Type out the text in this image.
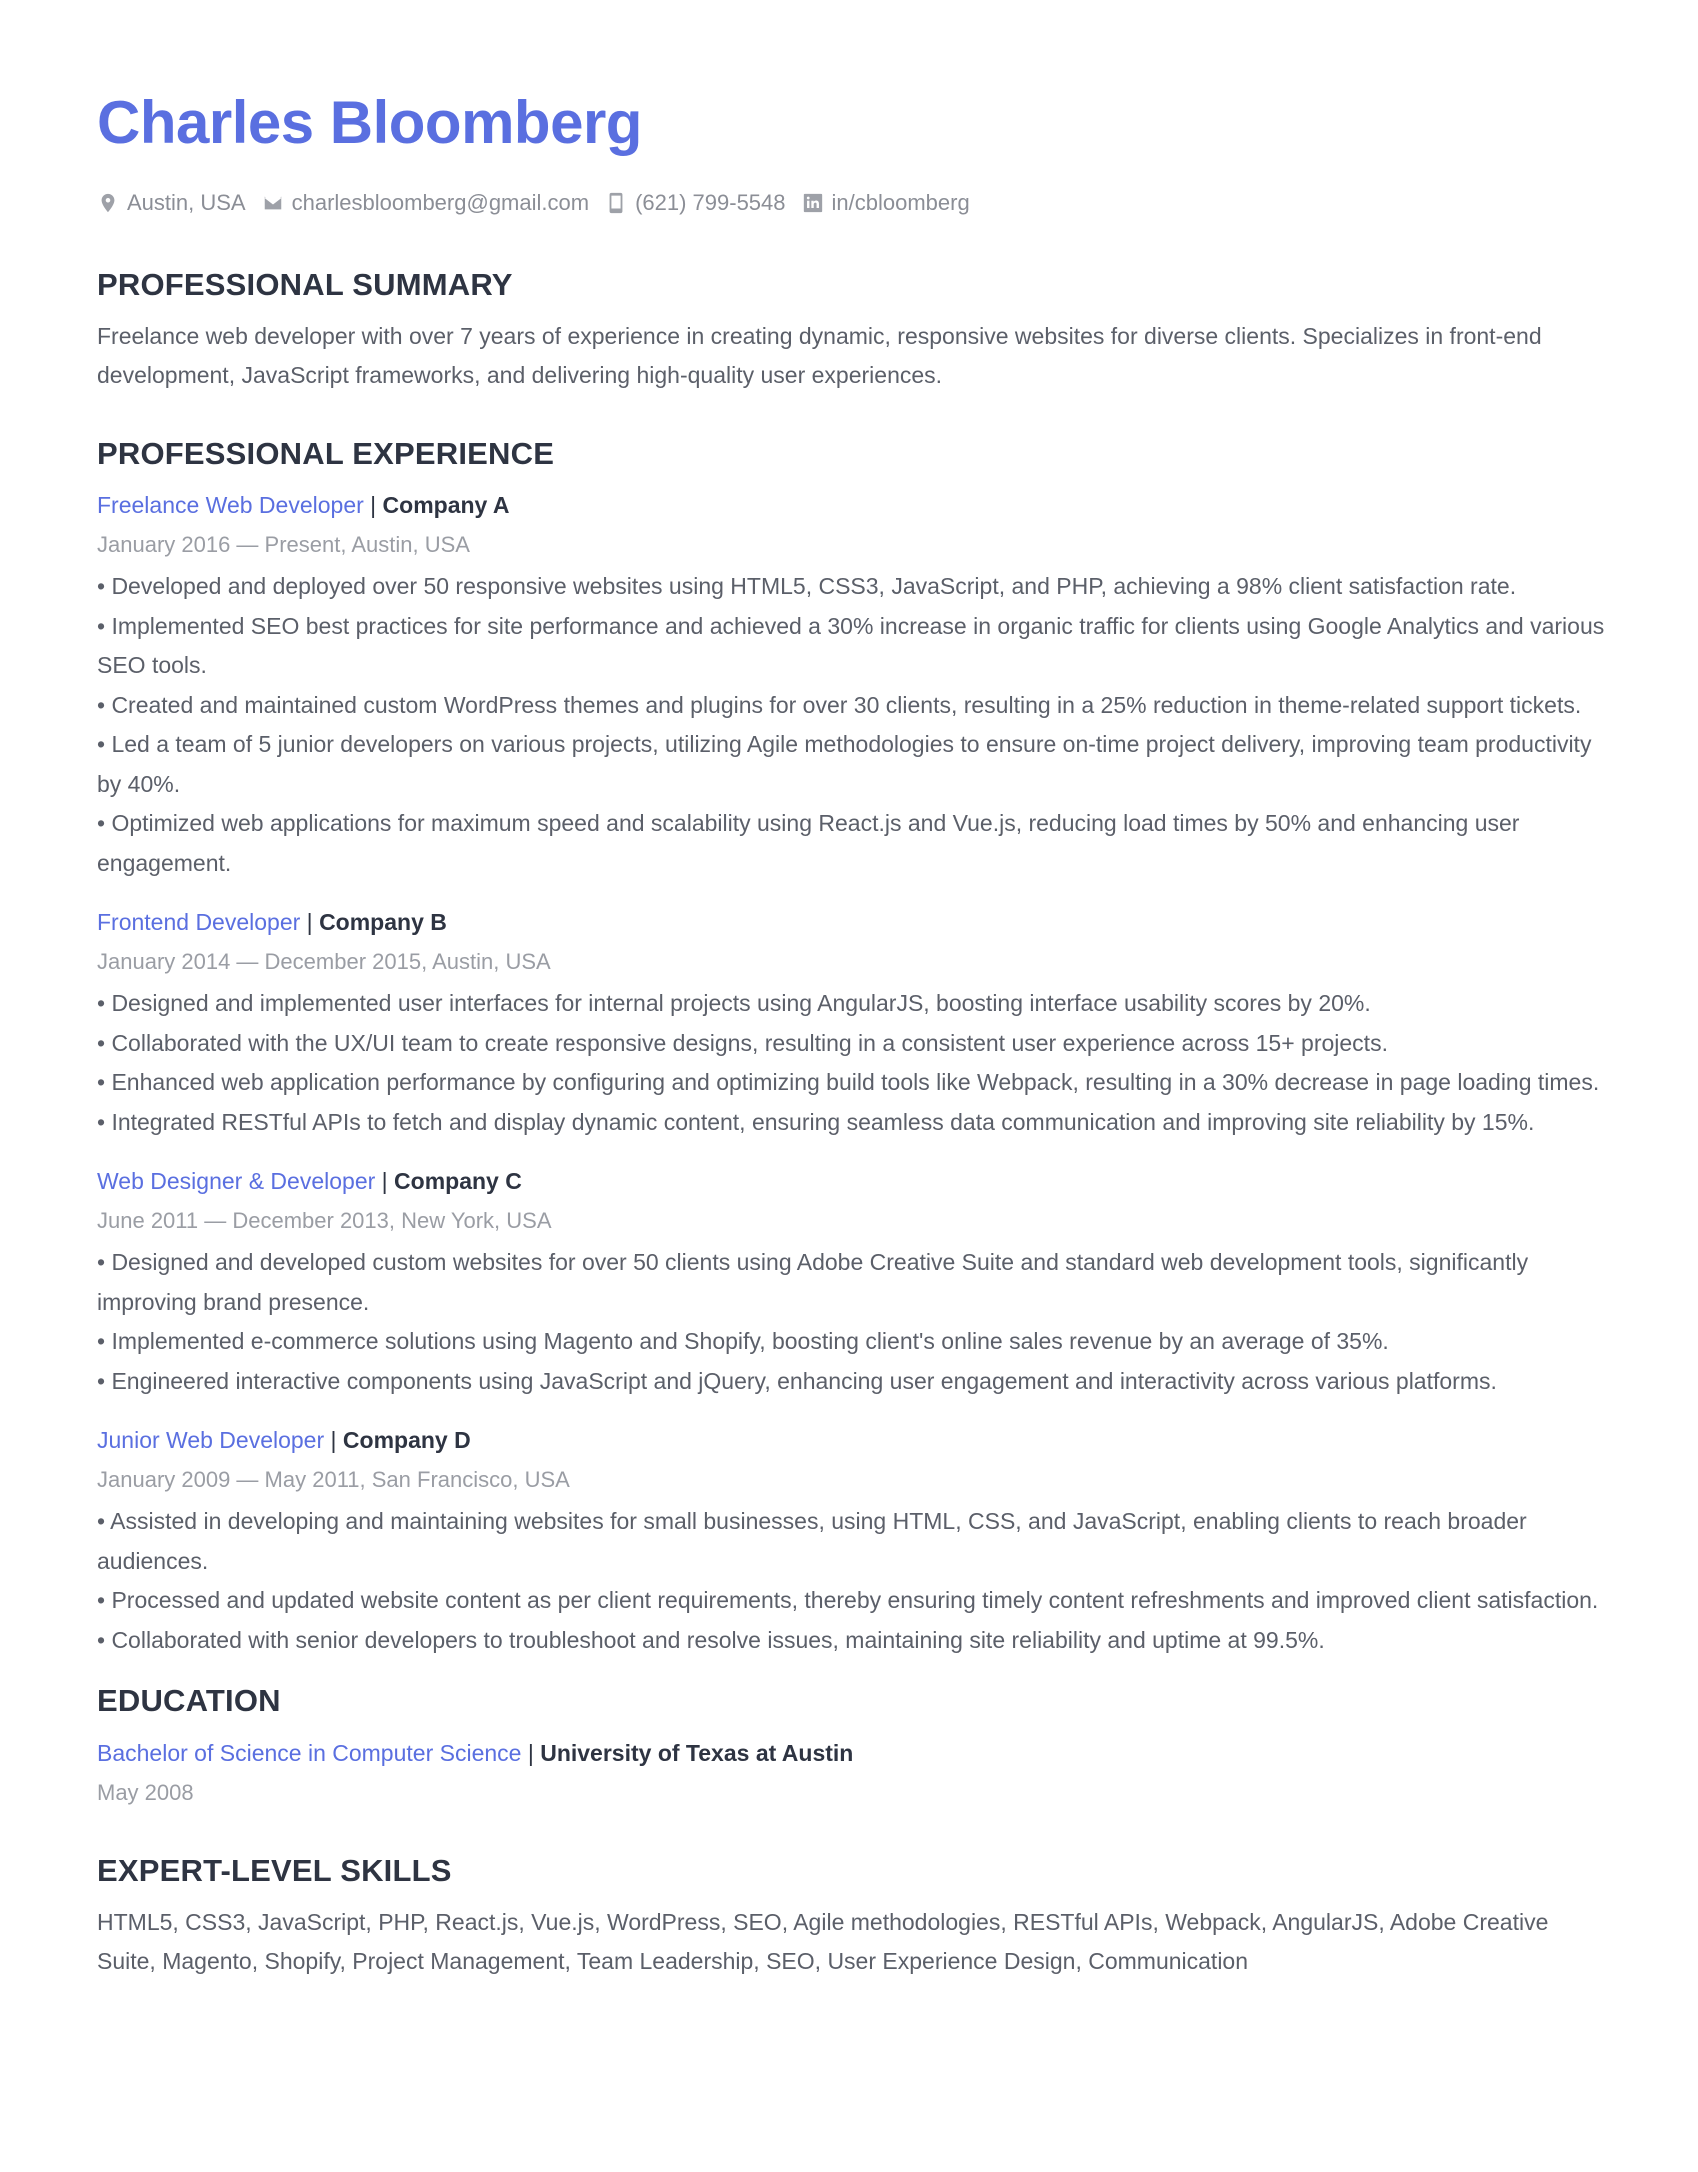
Charles Bloomberg
Austin, USA charlesbloomberg@gmail.com (621) 799-5548 in/cbloomberg
PROFESSIONAL SUMMARY

Freelance web developer with over 7 years of experience in creating dynamic, responsive websites for diverse clients. Specializes in front-end development, JavaScript frameworks, and delivering high-quality user experiences.

PROFESSIONAL EXPERIENCE
Freelance Web Developer | Company A
January 2016 — Present, Austin, USA
• Developed and deployed over 50 responsive websites using HTML5, CSS3, JavaScript, and PHP, achieving a 98% client satisfaction rate.
• Implemented SEO best practices for site performance and achieved a 30% increase in organic traffic for clients using Google Analytics and various SEO tools.
• Created and maintained custom WordPress themes and plugins for over 30 clients, resulting in a 25% reduction in theme-related support tickets.
• Led a team of 5 junior developers on various projects, utilizing Agile methodologies to ensure on-time project delivery, improving team productivity by 40%.
• Optimized web applications for maximum speed and scalability using React.js and Vue.js, reducing load times by 50% and enhancing user engagement.
Frontend Developer | Company B
January 2014 — December 2015, Austin, USA
• Designed and implemented user interfaces for internal projects using AngularJS, boosting interface usability scores by 20%.
• Collaborated with the UX/UI team to create responsive designs, resulting in a consistent user experience across 15+ projects.
• Enhanced web application performance by configuring and optimizing build tools like Webpack, resulting in a 30% decrease in page loading times.
• Integrated RESTful APIs to fetch and display dynamic content, ensuring seamless data communication and improving site reliability by 15%.
Web Designer & Developer | Company C
June 2011 — December 2013, New York, USA
• Designed and developed custom websites for over 50 clients using Adobe Creative Suite and standard web development tools, significantly improving brand presence.
• Implemented e-commerce solutions using Magento and Shopify, boosting client's online sales revenue by an average of 35%.
• Engineered interactive components using JavaScript and jQuery, enhancing user engagement and interactivity across various platforms.
Junior Web Developer | Company D
January 2009 — May 2011, San Francisco, USA
• Assisted in developing and maintaining websites for small businesses, using HTML, CSS, and JavaScript, enabling clients to reach broader audiences.
• Processed and updated website content as per client requirements, thereby ensuring timely content refreshments and improved client satisfaction.
• Collaborated with senior developers to troubleshoot and resolve issues, maintaining site reliability and uptime at 99.5%.
EDUCATION
Bachelor of Science in Computer Science | University of Texas at Austin
May 2008
EXPERT-LEVEL SKILLS

HTML5, CSS3, JavaScript, PHP, React.js, Vue.js, WordPress, SEO, Agile methodologies, RESTful APIs, Webpack, AngularJS, Adobe Creative Suite, Magento, Shopify, Project Management, Team Leadership, SEO, User Experience Design, Communication
